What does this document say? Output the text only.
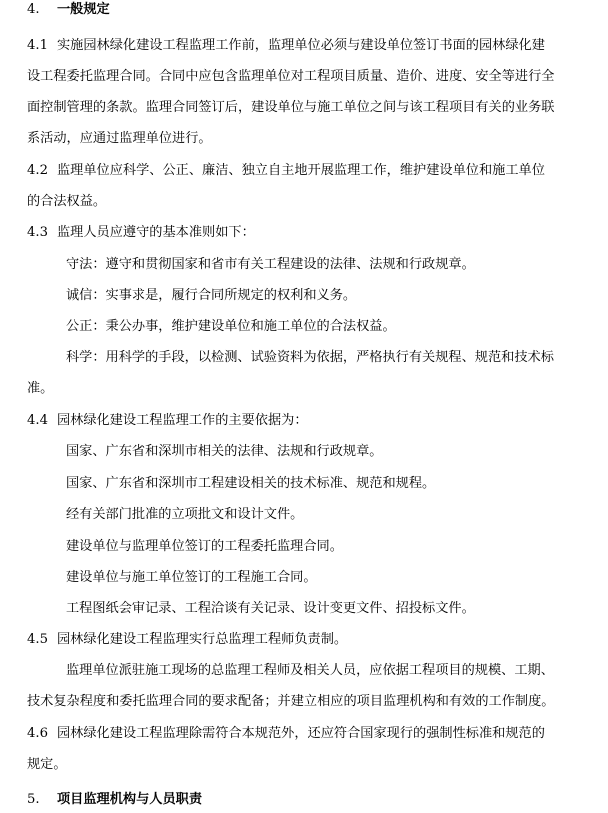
4. 一般规定
4.1 实施园林绿化建设工程监理工作前，监理单位必须与建设单位签订书面的园林绿化建
设工程委托监理合同。合同中应包含监理单位对工程项目质量、造价、进度、安全等进行全
面控制管理的条款。监理合同签订后，建设单位与施工单位之间与该工程项目有关的业务联
系活动，应通过监理单位进行。
4.2 监理单位应科学、公正、廉洁、独立自主地开展监理工作，维护建设单位和施工单位
的合法权益。
4.3 监理人员应遵守的基本准则如下：
守法：遵守和贯彻国家和省市有关工程建设的法律、法规和行政规章。
诚信：实事求是，履行合同所规定的权利和义务。
公正：秉公办事，维护建设单位和施工单位的合法权益。
科学：用科学的手段，以检测、试验资料为依据，严格执行有关规程、规范和技术标
准。
4.4 园林绿化建设工程监理工作的主要依据为：
国家、广东省和深圳市相关的法律、法规和行政规章。
国家、广东省和深圳市工程建设相关的技术标准、规范和规程。
经有关部门批准的立项批文和设计文件。
建设单位与监理单位签订的工程委托监理合同。
建设单位与施工单位签订的工程施工合同。
工程图纸会审记录、工程洽谈有关记录、设计变更文件、招投标文件。
4.5 园林绿化建设工程监理实行总监理工程师负责制。
监理单位派驻施工现场的总监理工程师及相关人员，应依据工程项目的规模、工期、
技术复杂程度和委托监理合同的要求配备；并建立相应的项目监理机构和有效的工作制度。
4.6 园林绿化建设工程监理除需符合本规范外，还应符合国家现行的强制性标准和规范的
规定。
5. 项目监理机构与人员职责
